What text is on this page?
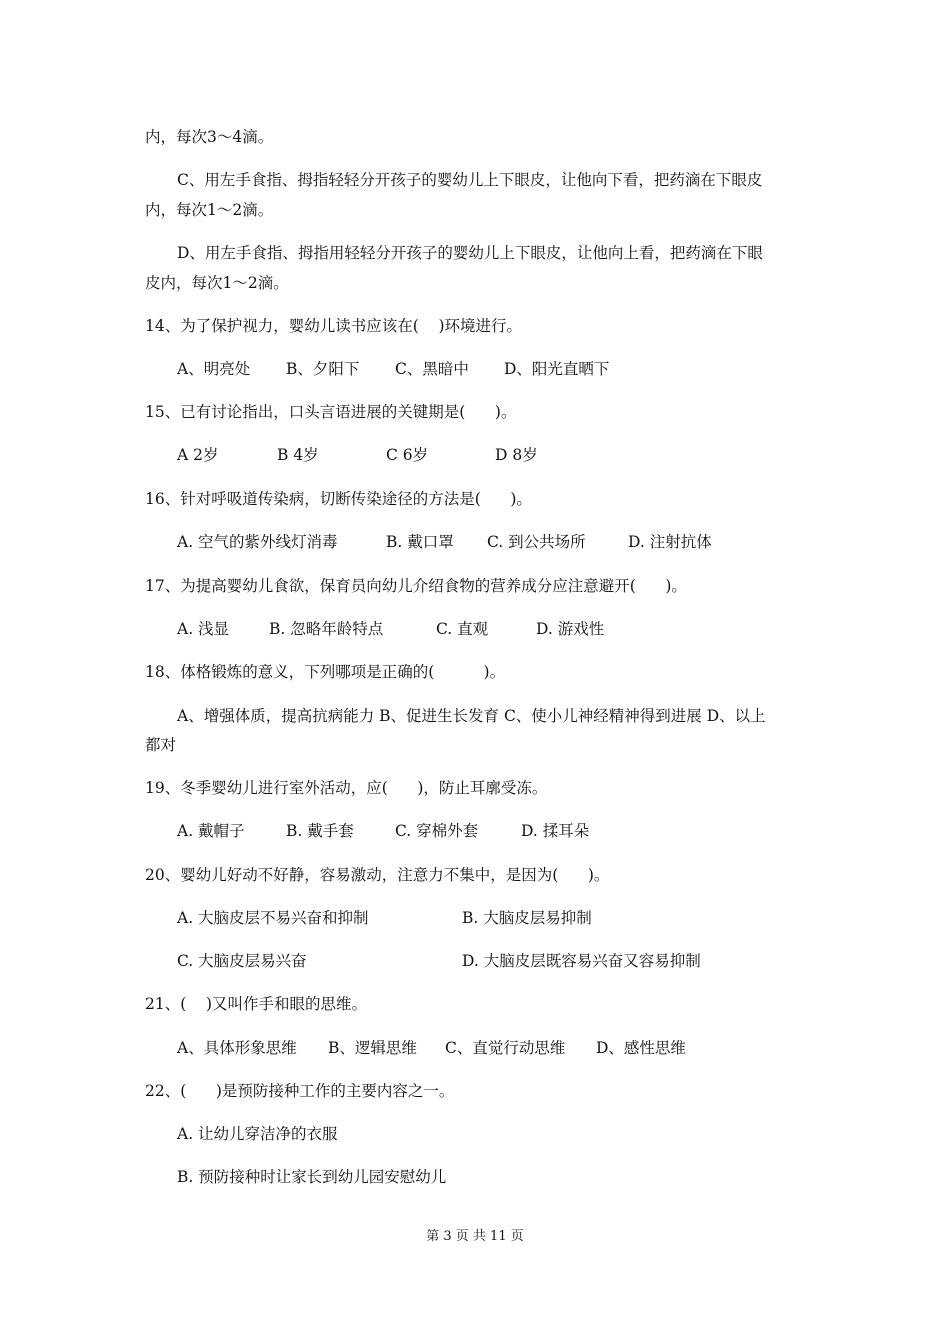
内，每次3～4滴。
C、用左手食指、拇指轻轻分开孩子的婴幼儿上下眼皮，让他向下看，把药滴在下眼皮
内，每次1～2滴。
D、用左手食指、拇指用轻轻分开孩子的婴幼儿上下眼皮，让他向上看，把药滴在下眼
皮内，每次1～2滴。
14、为了保护视力，婴幼儿读书应该在(    )环境进行。
A、明亮处 B、夕阳下 C、黑暗中 D、阳光直晒下
15、已有讨论指出，口头言语进展的关键期是(      )。
A 2岁	B 4岁	C 6岁	D 8岁
16、针对呼吸道传染病，切断传染途径的方法是(      )。
A. 空气的紫外线灯消毒	B. 戴口罩 C. 到公共场所	D. 注射抗体
17、为提高婴幼儿食欲，保育员向幼儿介绍食物的营养成分应注意避开(      )。
A. 浅显	B. 忽略年龄特点	C. 直观	D. 游戏性
18、体格锻炼的意义，下列哪项是正确的(          )。
A、增强体质，提高抗病能力 B、促进生长发育 C、使小儿神经精神得到进展 D、以上
都对
19、冬季婴幼儿进行室外活动，应(      )，防止耳廓受冻。
A. 戴帽子	B. 戴手套	C. 穿棉外套	D. 揉耳朵
20、婴幼儿好动不好静，容易激动，注意力不集中，是因为(      )。
A. 大脑皮层不易兴奋和抑制	B. 大脑皮层易抑制
C. 大脑皮层易兴奋	D. 大脑皮层既容易兴奋又容易抑制
21、(    )又叫作手和眼的思维。
A、具体形象思维 B、逻辑思维 C、直觉行动思维 D、感性思维
22、(      )是预防接种工作的主要内容之一。
A. 让幼儿穿洁净的衣服
B. 预防接种时让家长到幼儿园安慰幼儿
第 3 页 共 11 页
